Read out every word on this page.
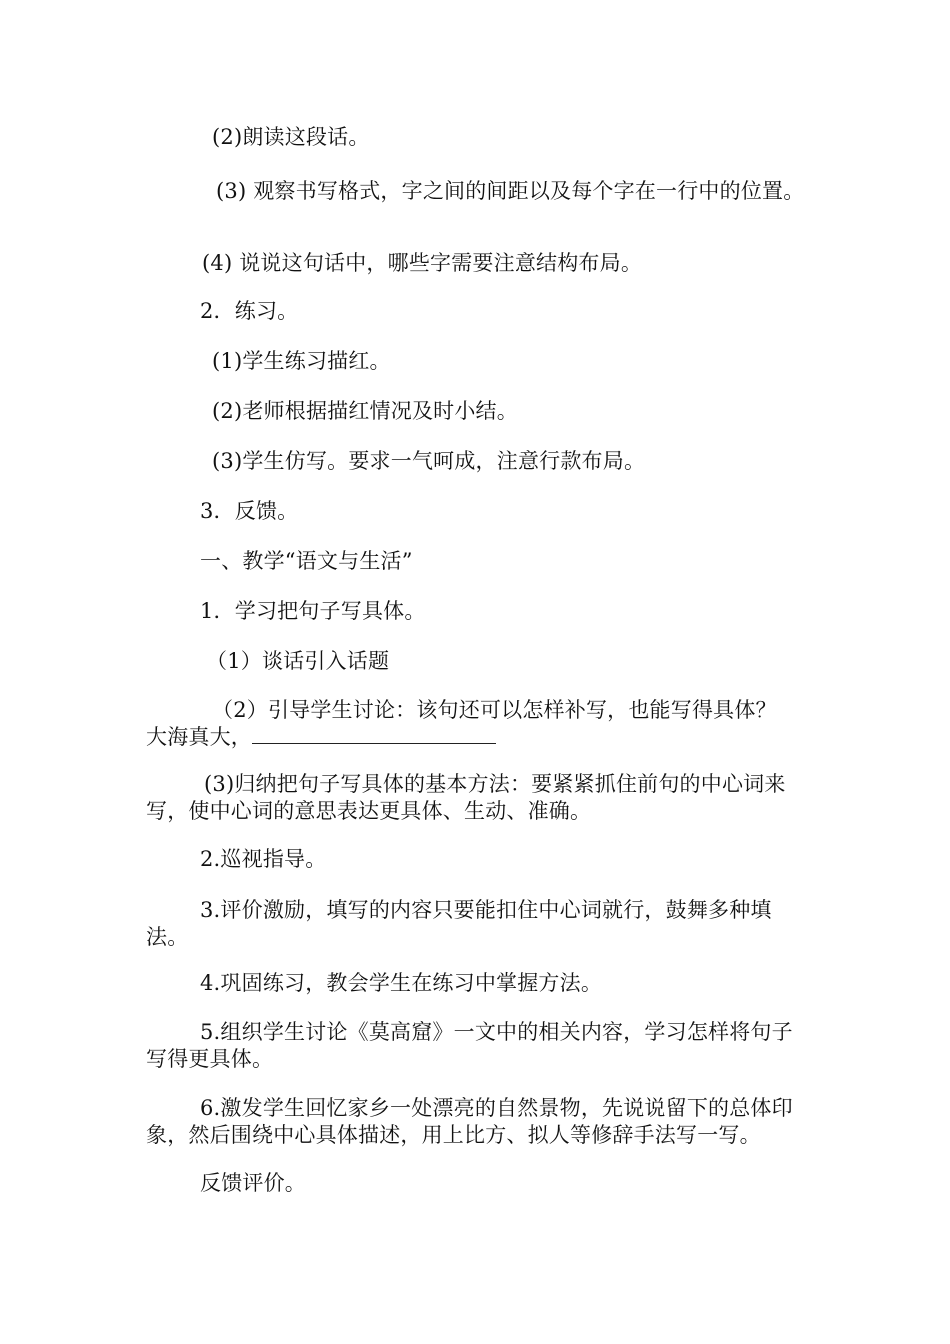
(2)朗读这段话。
(3) 观察书写格式，字之间的间距以及每个字在一行中的位置。
(4) 说说这句话中，哪些字需要注意结构布局。
2．练习。
(1)学生练习描红。
(2)老师根据描红情况及时小结。
(3)学生仿写。要求一气呵成，注意行款布局。
3．反馈。
一、教学“语文与生活”
1．学习把句子写具体。
（1）谈话引入话题
（2）引导学生讨论：该句还可以怎样补写，也能写得具体？
大海真大，
(3)归纳把句子写具体的基本方法：要紧紧抓住前句的中心词来写，使中心词的意思表达更具体、生动、准确。
2.巡视指导。
3.评价激励，填写的内容只要能扣住中心词就行，鼓舞多种填法。
4.巩固练习，教会学生在练习中掌握方法。
5.组织学生讨论《莫高窟》一文中的相关内容，学习怎样将句子写得更具体。
6.激发学生回忆家乡一处漂亮的自然景物，先说说留下的总体印象，然后围绕中心具体描述，用上比方、拟人等修辞手法写一写。
反馈评价。
